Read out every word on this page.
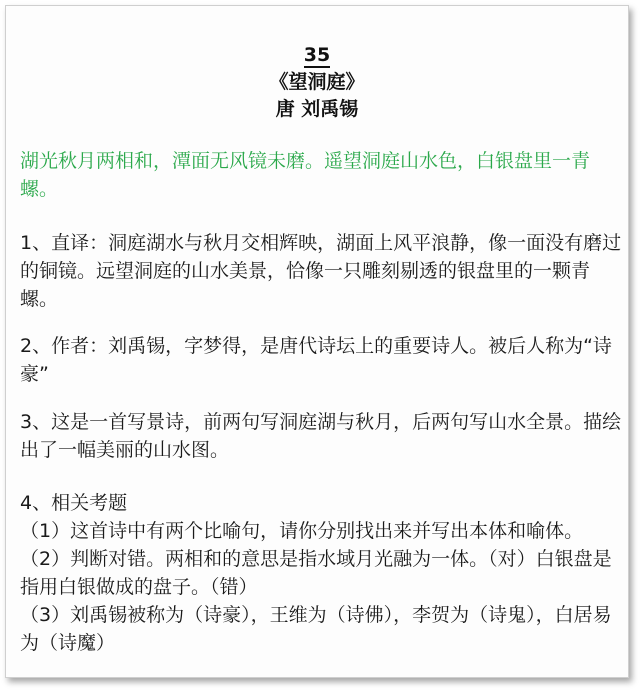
35
《望洞庭》
唐 刘禹锡
湖光秋月两相和，潭面无风镜未磨。遥望洞庭山水色，白银盘里一青螺。
1、直译：洞庭湖水与秋月交相辉映，湖面上风平浪静，像一面没有磨过的铜镜。远望洞庭的山水美景，恰像一只雕刻剔透的银盘里的一颗青螺。
2、作者：刘禹锡，字梦得，是唐代诗坛上的重要诗人。被后人称为“诗豪”
3、这是一首写景诗，前两句写洞庭湖与秋月，后两句写山水全景。描绘出了一幅美丽的山水图。
4、相关考题
（1）这首诗中有两个比喻句，请你分别找出来并写出本体和喻体。
（2）判断对错。两相和的意思是指水域月光融为一体。（对）白银盘是指用白银做成的盘子。（错）
（3）刘禹锡被称为（诗豪），王维为（诗佛），李贺为（诗鬼），白居易为（诗魔）
